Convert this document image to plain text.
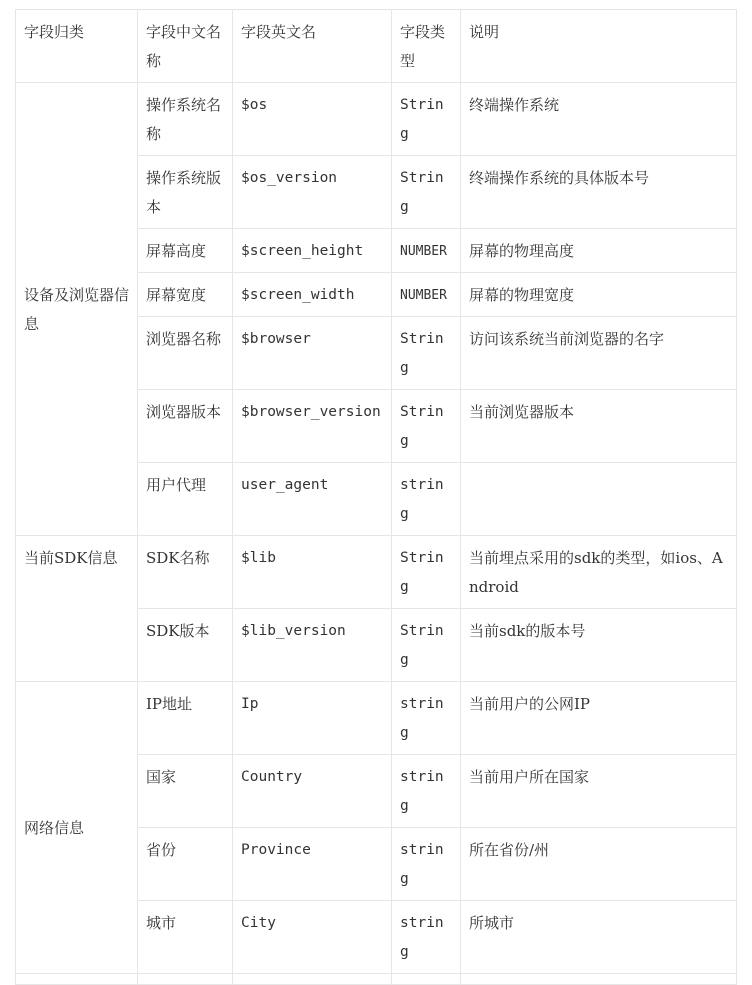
字段归类	字段中文名称	字段英文名	字段类型	说明
设备及浏览器信息	操作系统名称	$os	String	终端操作系统
	操作系统版本	$os_version	String	终端操作系统的具体版本号
	屏幕高度	$screen_height	NUMBER	屏幕的物理高度
	屏幕宽度	$screen_width	NUMBER	屏幕的物理宽度
	浏览器名称	$browser	String	访问该系统当前浏览器的名字
	浏览器版本	$browser_version	String	当前浏览器版本
	用户代理	user_agent	string	
当前SDK信息	SDK名称	$lib	String	当前埋点采用的sdk的类型，如ios、Android
	SDK版本	$lib_version	String	当前sdk的版本号
网络信息	IP地址	Ip	string	当前用户的公网IP
	国家	Country	string	当前用户所在国家
	省份	Province	string	所在省份/州
	城市	City	string	所城市
